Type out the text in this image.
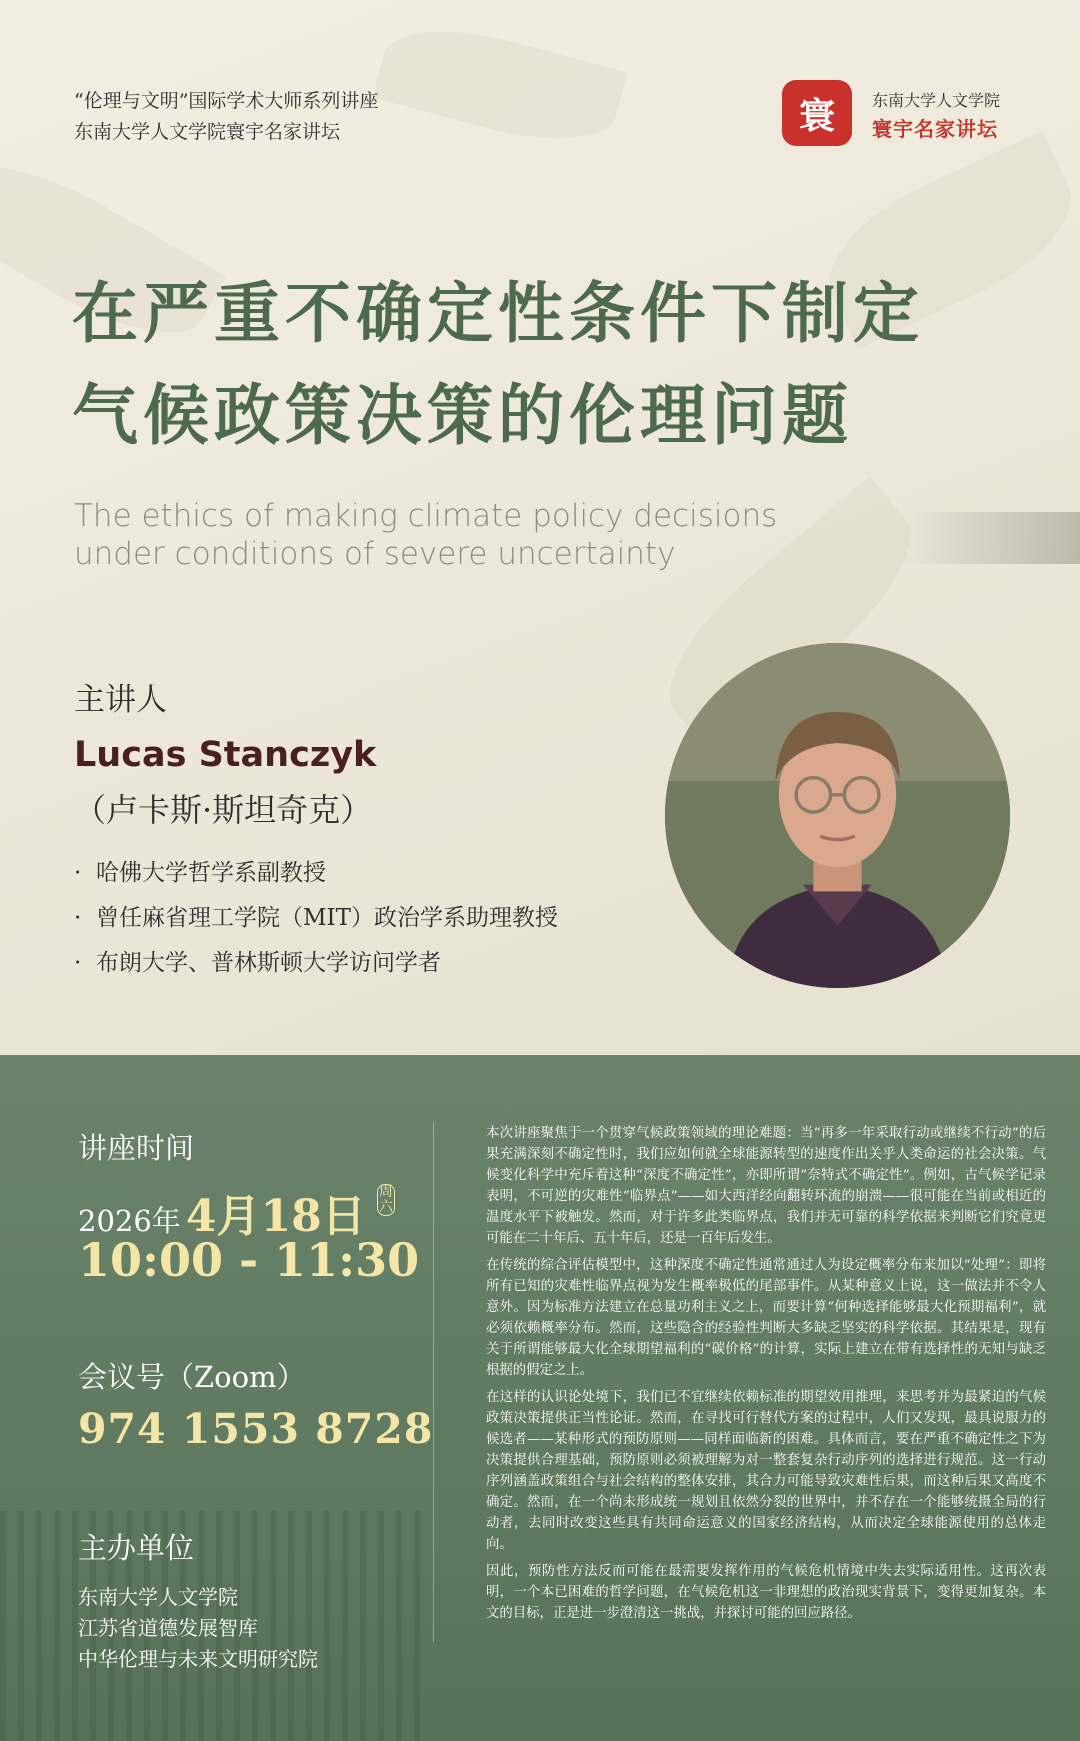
“伦理与文明”国际学术大师系列讲座
东南大学人文学院寰宇名家讲坛	寰 东南大学人文学院
寰宇名家讲坛
在严重不确定性条件下制定
气候政策决策的伦理问题
The ethics of making climate policy decisions
under conditions of severe uncertainty
主讲人
Lucas Stanczyk
（卢卡斯·斯坦奇克）
· 哈佛大学哲学系副教授
· 曾任麻省理工学院（MIT）政治学系助理教授
· 布朗大学、普林斯顿大学访问学者
讲座时间
2026年 4月18日 周六
10:00 - 11:30
会议号（Zoom）
974 1553 8728
主办单位
东南大学人文学院
江苏省道德发展智库
中华伦理与未来文明研究院

本次讲座聚焦于一个贯穿气候政策领域的理论难题：当“再多一年采取行动或继续不行动”的后果充满深刻不确定性时，我们应如何就全球能源转型的速度作出关乎人类命运的社会决策。气候变化科学中充斥着这种“深度不确定性”，亦即所谓“奈特式不确定性”。例如，古气候学记录表明，不可逆的灾难性“临界点”——如大西洋经向翻转环流的崩溃——很可能在当前或相近的温度水平下被触发。然而，对于许多此类临界点，我们并无可靠的科学依据来判断它们究竟更可能在二十年后、五十年后，还是一百年后发生。

在传统的综合评估模型中，这种深度不确定性通常通过人为设定概率分布来加以“处理”：即将所有已知的灾难性临界点视为发生概率极低的尾部事件。从某种意义上说，这一做法并不令人意外。因为标准方法建立在总量功利主义之上，而要计算“何种选择能够最大化预期福利”，就必须依赖概率分布。然而，这些隐含的经验性判断大多缺乏坚实的科学依据。其结果是，现有关于所谓能够最大化全球期望福利的“碳价格”的计算，实际上建立在带有选择性的无知与缺乏根据的假定之上。

在这样的认识论处境下，我们已不宜继续依赖标准的期望效用推理，来思考并为最紧迫的气候政策决策提供正当性论证。然而，在寻找可行替代方案的过程中，人们又发现，最具说服力的候选者——某种形式的预防原则——同样面临新的困难。具体而言，要在严重不确定性之下为决策提供合理基础，预防原则必须被理解为对一整套复杂行动序列的选择进行规范。这一行动序列涵盖政策组合与社会结构的整体安排，其合力可能导致灾难性后果，而这种后果又高度不确定。然而，在一个尚未形成统一规划且依然分裂的世界中，并不存在一个能够统摄全局的行动者，去同时改变这些具有共同命运意义的国家经济结构，从而决定全球能源使用的总体走向。

因此，预防性方法反而可能在最需要发挥作用的气候危机情境中失去实际适用性。这再次表明，一个本已困难的哲学问题，在气候危机这一非理想的政治现实背景下，变得更加复杂。本文的目标，正是进一步澄清这一挑战，并探讨可能的回应路径。
